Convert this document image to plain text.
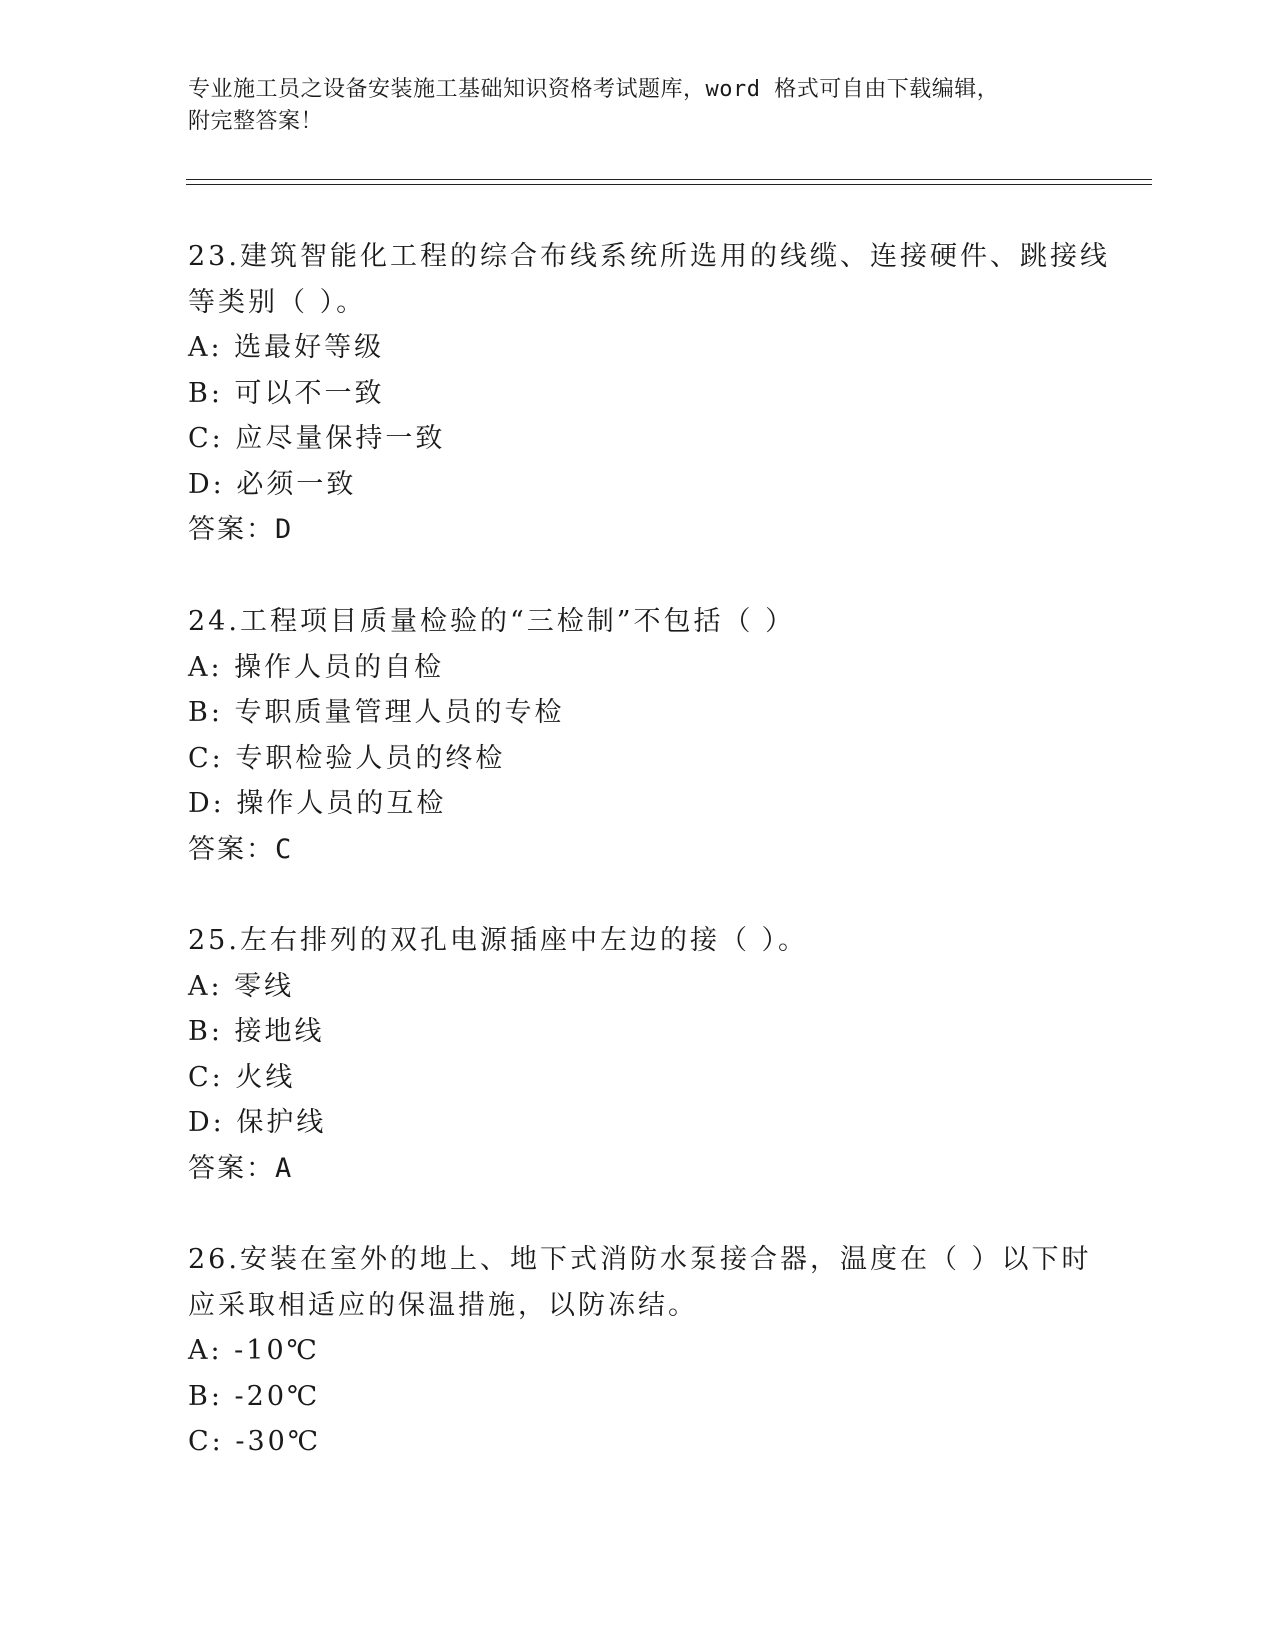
专业施工员之设备安装施工基础知识资格考试题库，word 格式可自由下载编辑，
附完整答案！
23.建筑智能化工程的综合布线系统所选用的线缆、连接硬件、跳接线
等类别（ ）。
A: 选最好等级
B: 可以不一致
C: 应尽量保持一致
D: 必须一致
答案：D
24.工程项目质量检验的“三检制”不包括（ ）
A: 操作人员的自检
B: 专职质量管理人员的专检
C: 专职检验人员的终检
D: 操作人员的互检
答案：C
25.左右排列的双孔电源插座中左边的接（ ）。
A: 零线
B: 接地线
C: 火线
D: 保护线
答案：A
26.安装在室外的地上、地下式消防水泵接合器，温度在（ ）以下时
应采取相适应的保温措施，以防冻结。
A: -10℃
B: -20℃
C: -30℃
